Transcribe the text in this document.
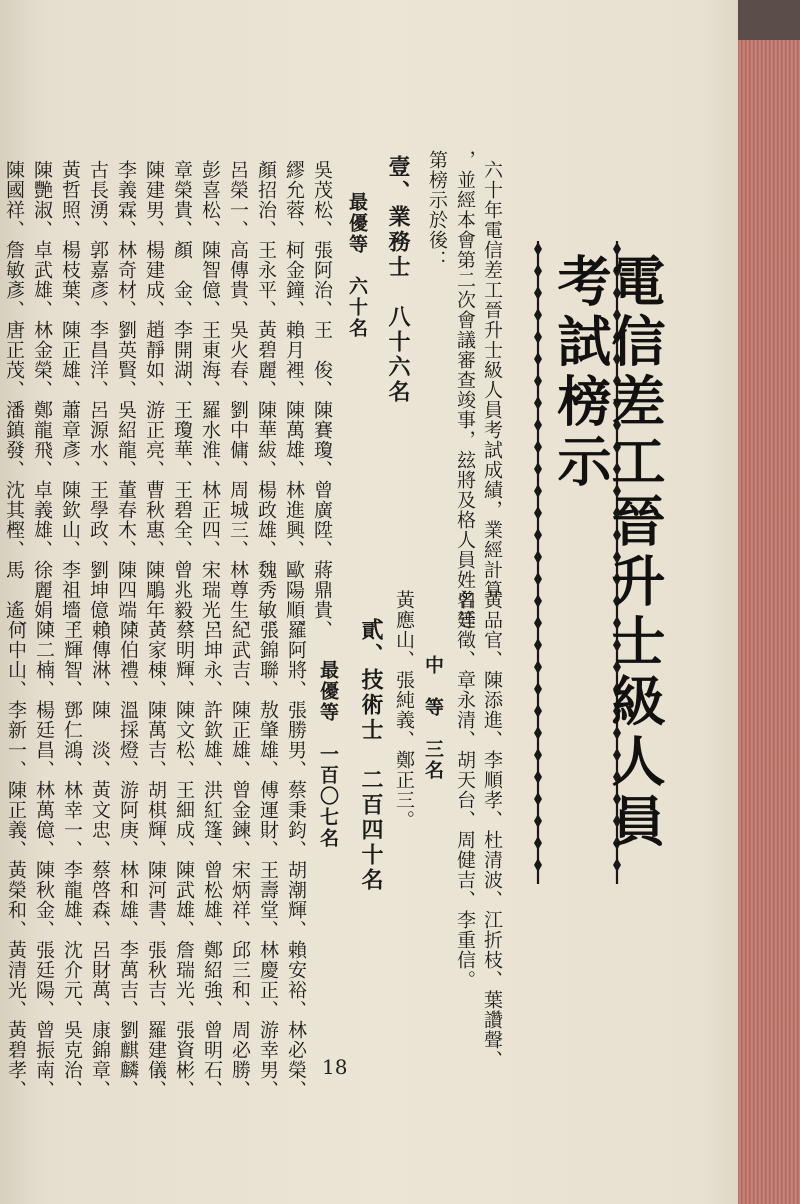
電信差工晉升士級人員考試榜示
六十年電信差工晉升士級人員考試成績，業經計算
，並經本會第二次會議審查竣事，玆將及格人員姓名等
第榜示於後：
壹、業務士　八十六名
最優等　六十名
吳茂松、張阿治、王　俊、陳賽瓊、曾廣陞、蔣鼎貴、
繆允蓉、柯金鐘、賴月裡、陳萬雄、林進興、歐陽順、
顏招治、王永平、黃碧麗、陳華紱、楊政雄、魏秀敏、
呂榮一、高傳貴、吳火春、劉中傭、周城三、林尊生、
彭喜松、陳智億、王東海、羅水淮、林正四、宋瑞光、
章榮貴、顏　金、李開湖、王瓊華、王碧全、曾兆毅、
陳建男、楊建成、趙靜如、游正亮、曹秋惠、陳鵰年、
李義霖、林奇材、劉英賢、吳紹龍、董春木、陳四端、
古長湧、郭嘉彥、李昌洋、呂源水、王學政、劉坤億、
黃哲照、楊枝葉、陳正雄、蕭章彥、陳欽山、李祖墻。
陳艷淑、卓武雄、林金榮、鄭龍飛、卓義雄、徐麗娟、
陳國祥、詹敏彥、唐正茂、潘鎮發、沈其樫、馬　遙、
黃品官、陳添進、李順孝、杜清波、江折枝、葉讚聲、
曾廷徵、章永清、胡天台、周健吉、李重信。
中　等　三名
黃應山、張純義、鄭正三。
貳、技術士　二百四十名
最優等　一百〇七名
羅阿將、張勝男、蔡秉鈞、胡潮輝、賴安裕、林必榮、
張錦聯、敖肇雄、傅運財、王壽堂、林慶正、游幸男、
紀武吉、陳正雄、曾金鍊、宋炳祥、邱三和、周必勝、
呂坤永、許欽雄、洪紅篷、曾松雄、鄭紹強、曾明石、
蔡明輝、陳文松、王細成、陳武雄、詹瑞光、張資彬、
黃家棟、陳萬吉、胡棋輝、陳河書、張秋吉、羅建儀、
陳伯禮、溫採燈、游阿庚、林和雄、李萬吉、劉麒麟、
賴傳淋、陳　淡、黃文忠、蔡啓森、呂財萬、康錦章、
王輝智、鄧仁鴻、林幸一、李龍雄、沈介元、吳克治、
陳二楠、楊廷昌、林萬億、陳秋金、張廷陽、曾振南、
何中山、李新一、陳正義、黃榮和、黃清光、黃碧孝、	18
